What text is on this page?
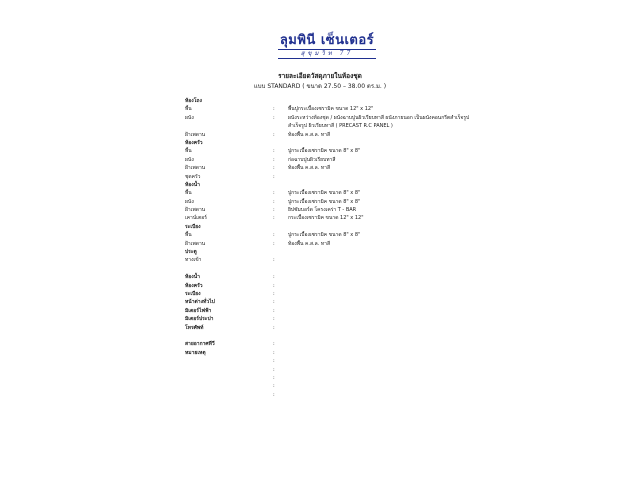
ลุมพินี เซ็นเตอร์
สุขุมวิท 77
รายละเอียดวัสดุภายในห้องชุด
แบบ STANDARD ( ขนาด 27.50 – 38.00 ตร.ม. )
ห้องโถง
พื้น	:	พื้นปูกระเบื้องเซรามิค ขนาด 12" x 12"
ผนัง	:	ผนังระหว่างห้องชุด / ผนังฉาบปูนผิวเรียบทาสี ผนังภายนอก เป็นผนังคอนกรีตสำเร็จรูป
สำเร็จรูป ผิวเรียบทาสี ( PRECAST R.C PANEL )
ฝ้าเพดาน	:	ท้องพื้น ค.ส.ล. ทาสี
ห้องครัว
พื้น	:	ปูกระเบื้องเซรามิค ขนาด 8" x 8"
ผนัง	:	ก่อฉาบปูนผิวเรียบทาสี
ฝ้าเพดาน	:	ท้องพื้น ค.ส.ล. ทาสี
ชุดครัว	:
ห้องน้ำ
พื้น	:	ปูกระเบื้องเซรามิค ขนาด 8" x 8"
ผนัง	:	ปูกระเบื้องเซรามิค ขนาด 8" x 8"
ฝ้าเพดาน	:	ยิปซัมบอร์ด โครงเคร่า T - BAR
เคาน์เตอร์	:	กระเบื้องเซรามิค ขนาด 12" x 12"
ระเบียง
พื้น	:	ปูกระเบื้องเซรามิค ขนาด 8" x 8"
ฝ้าเพดาน	:	ท้องพื้น ค.ส.ล. ทาสี
ประตู
ทางเข้า	:
ห้องน้ำ	:
ห้องครัว	:
ระเบียง	:
หน้าต่างทั่วไป	:
มิเตอร์ไฟฟ้า	:
มิเตอร์ประปา	:
โทรศัพท์	:
สายอากาศทีวี	:
หมายเหตุ	:
:
:
:
:
:
